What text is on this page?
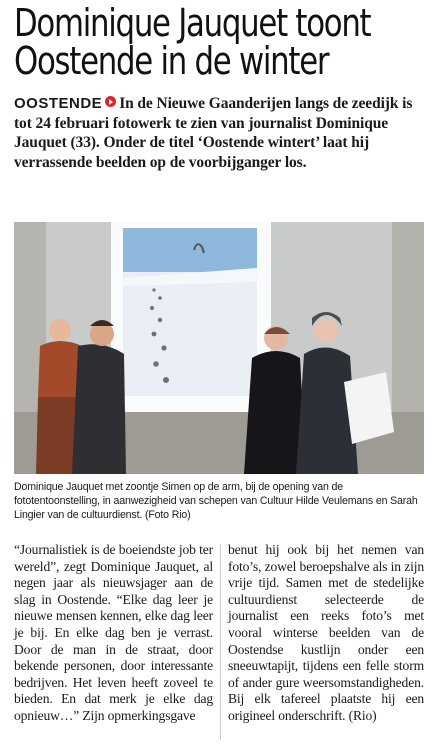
Dominique Jauquet toont Oostende in de winter
OOSTENDE In de Nieuwe Gaanderijen langs de zeedijk is tot 24 februari fotowerk te zien van journalist Dominique Jauquet (33). Onder de titel ‘Oostende wintert’ laat hij verrassende beelden op de voorbijganger los.
Dominique Jauquet met zoontje Simen op de arm, bij de opening van de fototentoonstelling, in aanwezigheid van schepen van Cultuur Hilde Veulemans en Sarah Lingier van de cultuurdienst. (Foto Rio)
“Journalistiek is de boeiendste job ter wereld”, zegt Dominique Jauquet, al negen jaar als nieuwsjager aan de slag in Oostende. “Elke dag leer je nieuwe mensen kennen, elke dag leer je bij. En elke dag ben je verrast. Door de man in de straat, door bekende personen, door interessante bedrijven. Het leven heeft zoveel te bieden. En dat merk je elke dag opnieuw…” Zijn opmerkingsgave
benut hij ook bij het nemen van foto’s, zowel beroepshalve als in zijn vrije tijd. Samen met de stedelijke cultuurdienst selecteerde de journalist een reeks foto’s met vooral winterse beelden van de Oostendse kustlijn onder een sneeuwtapijt, tijdens een felle storm of ander gure weersomstandigheden. Bij elk tafereel plaatste hij een origineel onderschrift. (Rio)
